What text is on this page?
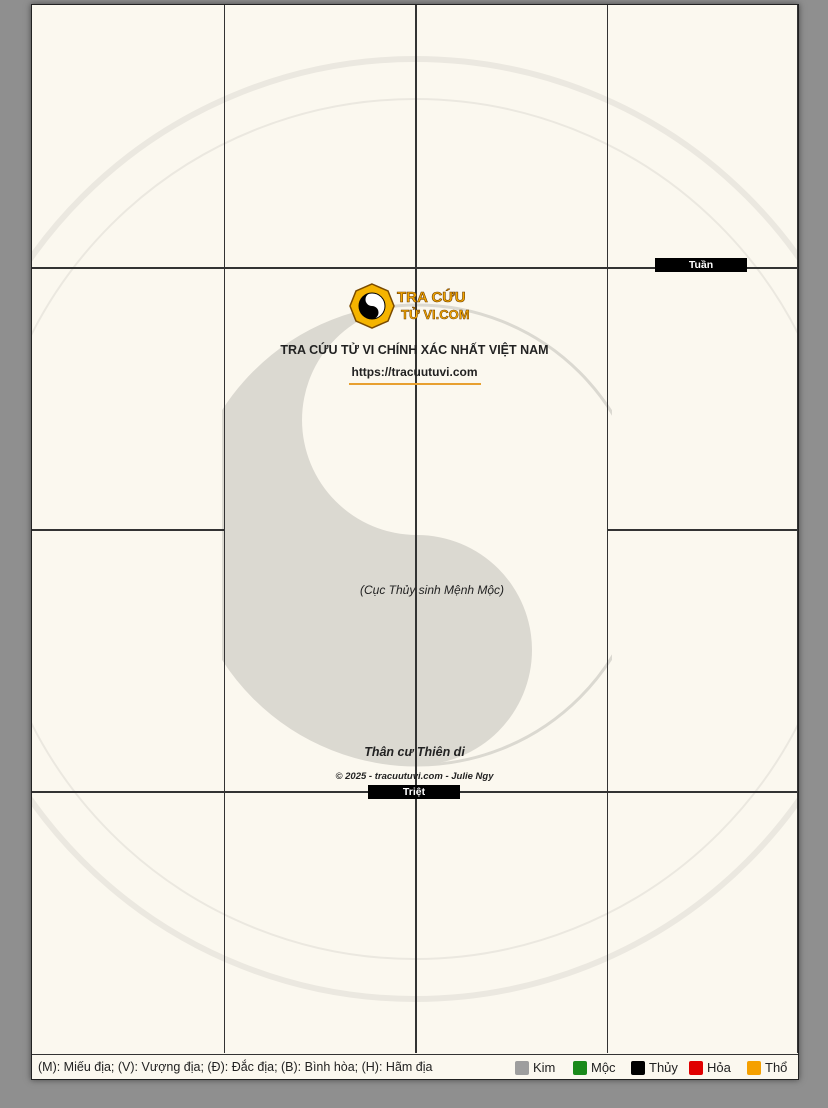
TRA CỨU
TỬ VI.COM
TRA CỨU TỬ VI CHÍNH XÁC NHẤT VIỆT NAM
https://tracuutuvi.com
(Cục Thủy sinh Mệnh Mộc)
Thân cư Thiên di
© 2025 - tracuutuvi.com - Julie Ngy
Tuần
Triệt
(M): Miếu địa; (V): Vượng địa; (Đ): Đắc địa; (B): Bình hòa; (H): Hãm địa	Kim	Mộc	Thủy Hỏa	Thổ
